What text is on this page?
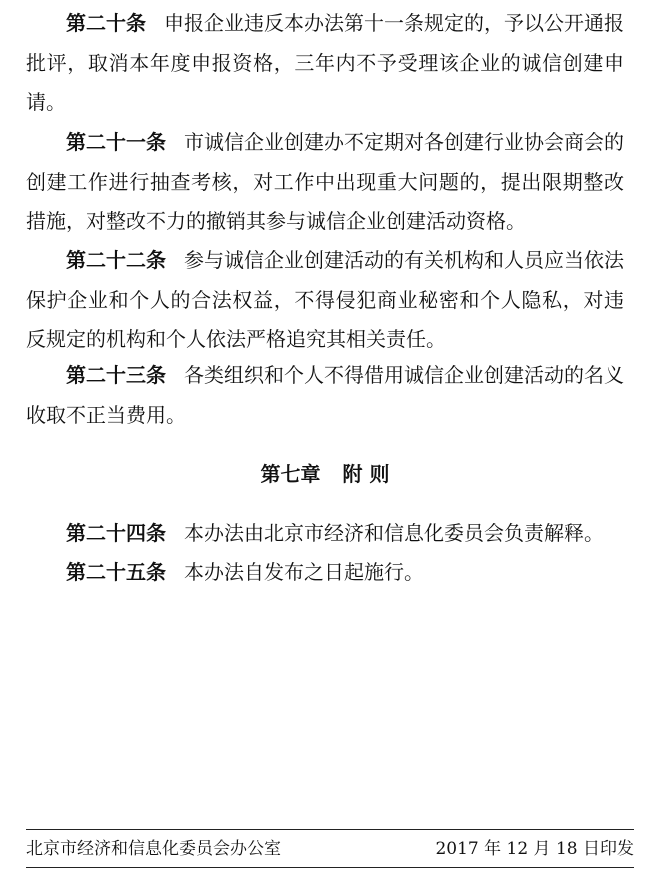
第二十条 申报企业违反本办法第十一条规定的，予以公开通报批评，取消本年度申报资格，三年内不予受理该企业的诚信创建申请。

第二十一条 市诚信企业创建办不定期对各创建行业协会商会的创建工作进行抽查考核，对工作中出现重大问题的，提出限期整改措施，对整改不力的撤销其参与诚信企业创建活动资格。

第二十二条 参与诚信企业创建活动的有关机构和人员应当依法保护企业和个人的合法权益，不得侵犯商业秘密和个人隐私，对违反规定的机构和个人依法严格追究其相关责任。

第二十三条 各类组织和个人不得借用诚信企业创建活动的名义收取不正当费用。

第七章 附 则

第二十四条 本办法由北京市经济和信息化委员会负责解释。

第二十五条 本办法自发布之日起施行。

北京市经济和信息化委员会办公室	2017 年 12 月 18 日印发
